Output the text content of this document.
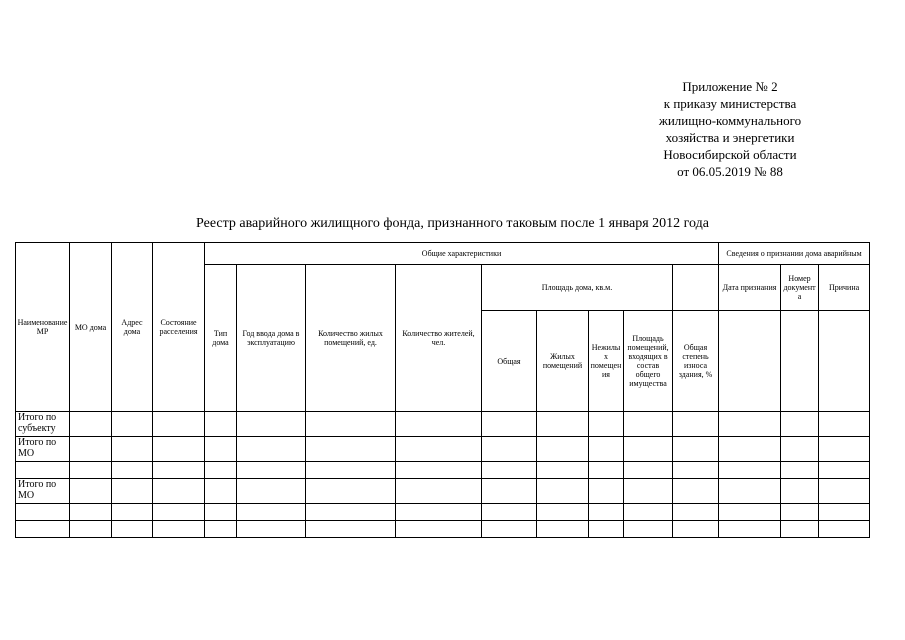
Приложение № 2
к приказу министерства
жилищно-коммунального
хозяйства и энергетики
Новосибирской области
от 06.05.2019 № 88
Реестр аварийного жилищного фонда, признанного таковым после 1 января 2012 года
Наименование МР	МО дома	Адрес дома	Состояние расселения	Общие характеристики									Сведения о признании дома аварийным		
				Тип дома	Год ввода дома в эксплуатацию	Количество жилых помещений, ед.	Количество жителей, чел.	Площадь дома, кв.м.					Дата признания	Номер документа	Причина
								Общая	Жилых помещений	Нежилых помещения	Площадь помещений, входящих в состав общего имущества	Общая степень износа здания, %			
Итого по субъекту															
Итого по МО															

Итого по МО															
